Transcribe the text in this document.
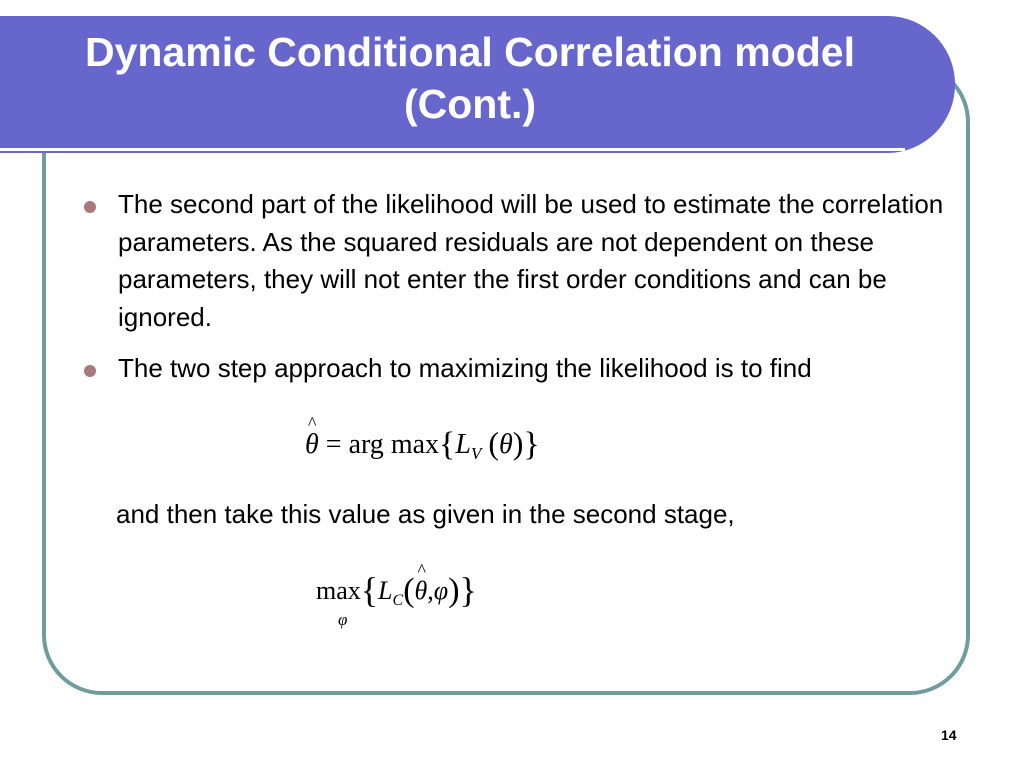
Dynamic Conditional Correlation model
(Cont.)
The second part of the likelihood will be used to estimate the correlation parameters. As the squared residuals are not dependent on these parameters, they will not enter the first order conditions and can be ignored.
The two step approach to maximizing the likelihood is to find
^ θ = arg $\max\{L_V$ (θ)}

and then take this value as given in the second stage,

max
φ
{$L_C(\^{}$ θ,φ)}
14
